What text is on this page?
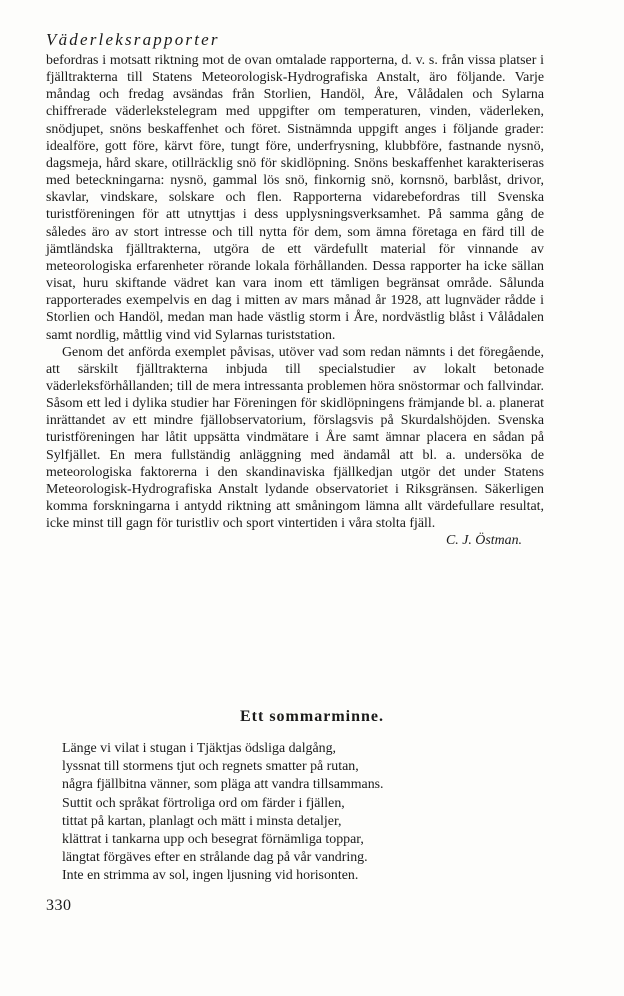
Väderleksrapporter

befordras i motsatt riktning mot de ovan omtalade rapporterna, d. v. s. från vissa platser i fjälltrakterna till Statens Meteorologisk-Hydrografiska Anstalt, äro följande. Varje måndag och fredag avsändas från Storlien, Handöl, Åre, Vålådalen och Sylarna chiffrerade väderlekstelegram med uppgifter om temperaturen, vinden, väderleken, snödjupet, snöns beskaffenhet och föret. Sistnämnda uppgift anges i följande grader: idealföre, gott före, kärvt före, tungt före, underfrysning, klubbföre, fastnande nysnö, dagsmeja, hård skare, otillräcklig snö för skidlöpning. Snöns beskaffenhet karakteriseras med beteckningarna: nysnö, gammal lös snö, finkornig snö, kornsnö, barblåst, drivor, skavlar, vindskare, solskare och flen. Rapporterna vidarebefordras till Svenska turistföreningen för att utnyttjas i dess upplysningsverksamhet. På samma gång de således äro av stort intresse och till nytta för dem, som ämna företaga en färd till de jämtländska fjälltrakterna, utgöra de ett värdefullt material för vinnande av meteorologiska erfarenheter rörande lokala förhållanden. Dessa rapporter ha icke sällan visat, huru skiftande vädret kan vara inom ett tämligen begränsat område. Sålunda rapporterades exempelvis en dag i mitten av mars månad år 1928, att lugnväder rådde i Storlien och Handöl, medan man hade västlig storm i Åre, nordvästlig blåst i Vålådalen samt nordlig, måttlig vind vid Sylarnas turiststation.

Genom det anförda exemplet påvisas, utöver vad som redan nämnts i det föregående, att särskilt fjälltrakterna inbjuda till specialstudier av lokalt betonade väderleksförhållanden; till de mera intressanta problemen höra snöstormar och fallvindar. Såsom ett led i dylika studier har Föreningen för skidlöpningens främjande bl. a. planerat inrättandet av ett mindre fjällobservatorium, förslagsvis på Skurdalshöjden. Svenska turistföreningen har låtit uppsätta vindmätare i Åre samt ämnar placera en sådan på Sylfjället. En mera fullständig anläggning med ändamål att bl. a. undersöka de meteorologiska faktorerna i den skandinaviska fjällkedjan utgör det under Statens Meteorologisk-Hydrografiska Anstalt lydande observatoriet i Riksgränsen. Säkerligen komma forskningarna i antydd riktning att småningom lämna allt värdefullare resultat, icke minst till gagn för turistliv och sport vintertiden i våra stolta fjäll.

C. J. Östman.
Ett sommarminne.
Länge vi vilat i stugan i Tjäktjas ödsliga dalgång,
lyssnat till stormens tjut och regnets smatter på rutan,
några fjällbitna vänner, som pläga att vandra tillsammans.
Suttit och språkat förtroliga ord om färder i fjällen,
tittat på kartan, planlagt och mätt i minsta detaljer,
klättrat i tankarna upp och besegrat förnämliga toppar,
längtat förgäves efter en strålande dag på vår vandring.
Inte en strimma av sol, ingen ljusning vid horisonten.
330
